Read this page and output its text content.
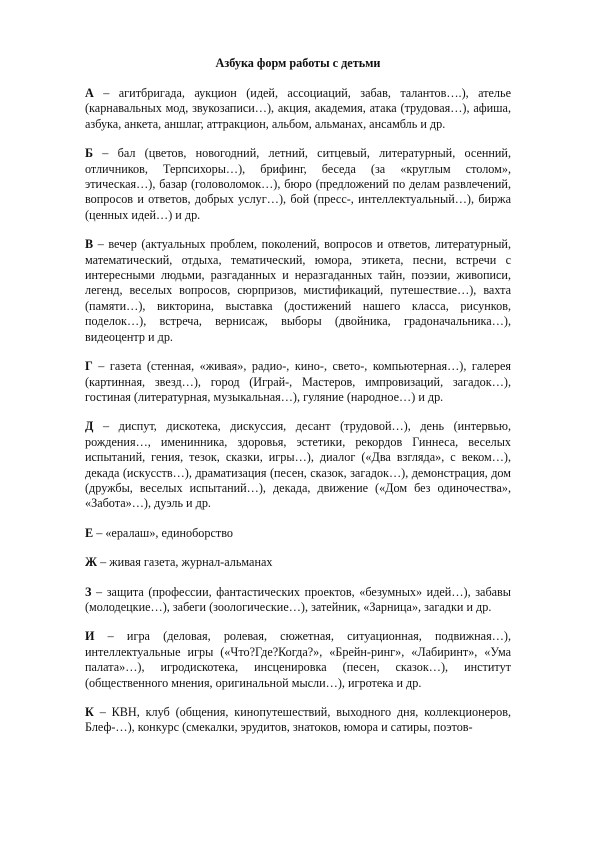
Азбука форм работы с детьми

А – агитбригада, аукцион (идей, ассоциаций, забав, талантов….), ателье (карнавальных мод, звукозаписи…), акция, академия, атака (трудовая…), афиша, азбука, анкета, аншлаг, аттракцион, альбом, альманах, ансамбль и др.

Б – бал (цветов, новогодний, летний, ситцевый, литературный, осенний, отличников, Терпсихоры…), брифинг, беседа (за «круглым столом», этическая…), базар (головоломок…), бюро (предложений по делам развлечений, вопросов и ответов, добрых услуг…), бой (пресс-, интеллектуальный…), биржа (ценных идей…) и др.

В – вечер (актуальных проблем, поколений, вопросов и ответов, литературный, математический, отдыха, тематический, юмора, этикета, песни, встречи с интересными людьми, разгаданных и неразгаданных тайн, поэзии, живописи, легенд, веселых вопросов, сюрпризов, мистификаций, путешествие…), вахта (памяти…), викторина, выставка (достижений нашего класса, рисунков, поделок…), встреча, вернисаж, выборы (двойника, градоначальника…), видеоцентр и др.

Г – газета (стенная, «живая», радио-, кино-, свето-, компьютерная…), галерея (картинная, звезд…), город (Играй-, Мастеров, импровизаций, загадок…), гостиная (литературная, музыкальная…), гуляние (народное…) и др.

Д – диспут, дискотека, дискуссия, десант (трудовой…), день (интервью, рождения…, именинника, здоровья, эстетики, рекордов Гиннеса, веселых испытаний, гения, тезок, сказки, игры…), диалог («Два взгляда», с веком…), декада (искусств…), драматизация (песен, сказок, загадок…), демонстрация, дом (дружбы, веселых испытаний…), декада, движение («Дом без одиночества», «Забота»…), дуэль и др.

Е – «ералаш», единоборство

Ж – живая газета, журнал-альманах

З – защита (профессии, фантастических проектов, «безумных» идей…), забавы (молодецкие…), забеги (зоологические…), затейник, «Зарница», загадки и др.

И – игра (деловая, ролевая, сюжетная, ситуационная, подвижная…), интеллектуальные игры («Что?Где?Когда?», «Брейн-ринг», «Лабиринт», «Ума палата»…), игродискотека, инсценировка (песен, сказок…), институт (общественного мнения, оригинальной мысли…), игротека и др.

К – КВН, клуб (общения, кинопутешествий, выходного дня, коллекционеров, Блеф-…), конкурс (смекалки, эрудитов, знатоков, юмора и сатиры, поэтов-
